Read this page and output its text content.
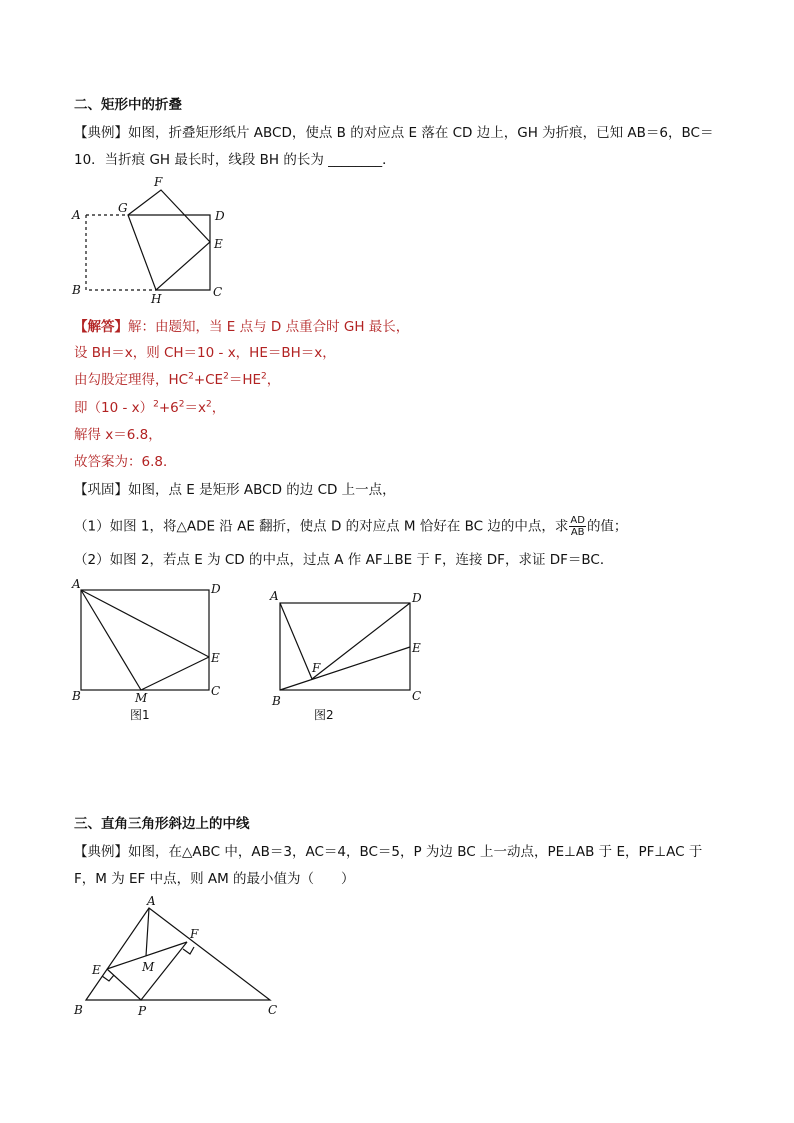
二、矩形中的折叠
【典例】如图，折叠矩形纸片 ABCD，使点 B 的对应点 E 落在 CD 边上，GH 为折痕，已知 AB＝6，BC＝
10．当折痕 GH 最长时，线段 BH 的长为 ________．
F
A	G
D
E
B
H	C
【解答】解：由题知，当 E 点与 D 点重合时 GH 最长，
设 BH＝x，则 CH＝10 - x，HE＝BH＝x，
由勾股定理得，$HC^2+CE^2=HE^2$，
即$(10 - x)^2+6^2=x^2$，
解得 x＝6.8，
故答案为：6.8．
【巩固】如图，点 E 是矩形 ABCD 的边 CD 上一点，
（1）如图 1，将△ADE 沿 AE 翻折，使点 D 的对应点 M 恰好在 BC 边的中点，求 $\frac{AD}{AB}$ 的值；
（2）如图 2，若点 E 为 CD 的中点，过点 A 作 AF⊥BE 于 F，连接 DF，求证 DF＝BC．
A	D
E
B	M	C
图1
A	D
E
F
B	C
图2
三、直角三角形斜边上的中线
【典例】如图，在△ABC 中，AB＝3，AC＝4，BC＝5，P 为边 BC 上一动点，PE⊥AB 于 E，PF⊥AC 于
F，M 为 EF 中点，则 AM 的最小值为（　　）
A
F
E	M
B	P	C
